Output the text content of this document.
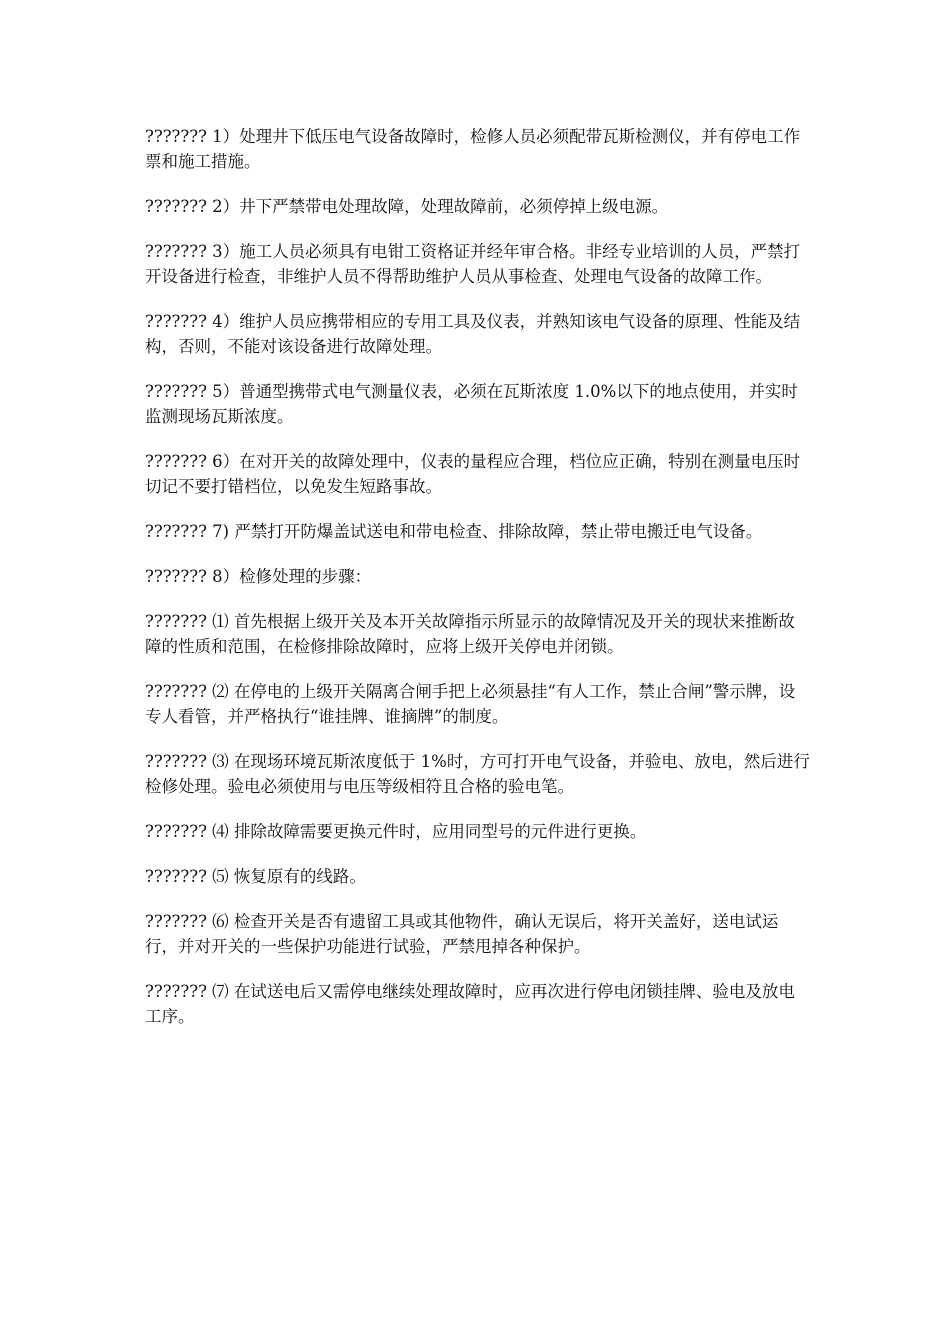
??????? 1）处理井下低压电气设备故障时，检修人员必须配带瓦斯检测仪，并有停电工作票和施工措施。

??????? 2）井下严禁带电处理故障，处理故障前，必须停掉上级电源。

??????? 3）施工人员必须具有电钳工资格证并经年审合格。非经专业培训的人员，严禁打开设备进行检查，非维护人员不得帮助维护人员从事检查、处理电气设备的故障工作。

??????? 4）维护人员应携带相应的专用工具及仪表，并熟知该电气设备的原理、性能及结构，否则，不能对该设备进行故障处理。

??????? 5）普通型携带式电气测量仪表，必须在瓦斯浓度 1.0%以下的地点使用，并实时监测现场瓦斯浓度。

??????? 6）在对开关的故障处理中，仪表的量程应合理，档位应正确，特别在测量电压时切记不要打错档位，以免发生短路事故。

??????? 7) 严禁打开防爆盖试送电和带电检查、排除故障，禁止带电搬迁电气设备。

??????? 8）检修处理的步骤：

??????? ⑴ 首先根据上级开关及本开关故障指示所显示的故障情况及开关的现状来推断故障的性质和范围，在检修排除故障时，应将上级开关停电并闭锁。

??????? ⑵ 在停电的上级开关隔离合闸手把上必须悬挂“有人工作，禁止合闸”警示牌，设专人看管，并严格执行“谁挂牌、谁摘牌”的制度。

??????? ⑶ 在现场环境瓦斯浓度低于 1%时，方可打开电气设备，并验电、放电，然后进行检修处理。验电必须使用与电压等级相符且合格的验电笔。

??????? ⑷ 排除故障需要更换元件时，应用同型号的元件进行更换。

??????? ⑸ 恢复原有的线路。

??????? ⑹ 检查开关是否有遗留工具或其他物件，确认无误后，将开关盖好，送电试运行，并对开关的一些保护功能进行试验，严禁甩掉各种保护。

??????? ⑺ 在试送电后又需停电继续处理故障时，应再次进行停电闭锁挂牌、验电及放电工序。
